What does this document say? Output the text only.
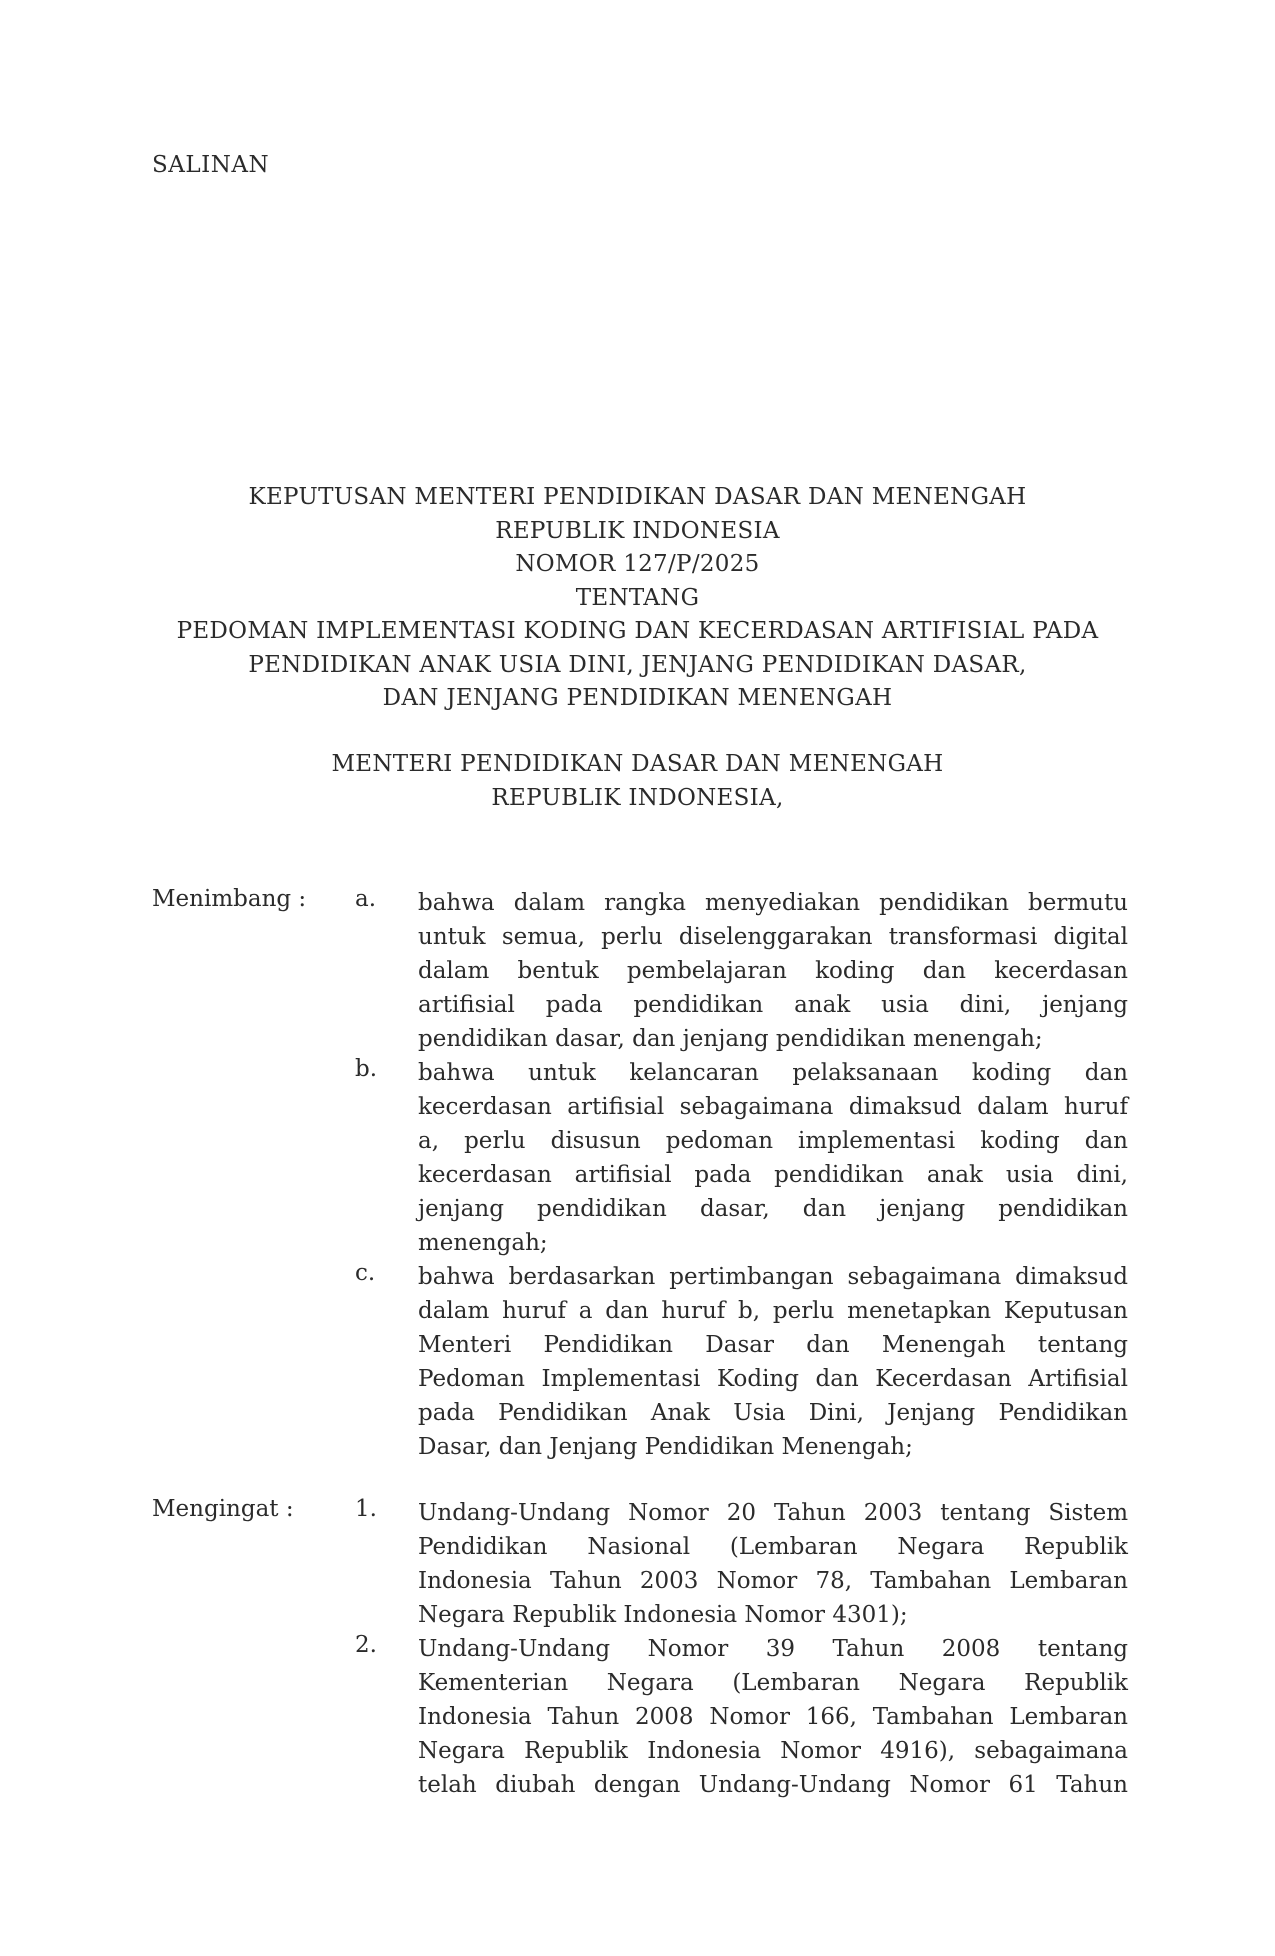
SALINAN
KEPUTUSAN MENTERI PENDIDIKAN DASAR DAN MENENGAH
REPUBLIK INDONESIA
NOMOR 127/P/2025
TENTANG
PEDOMAN IMPLEMENTASI KODING DAN KECERDASAN ARTIFISIAL PADA
PENDIDIKAN ANAK USIA DINI, JENJANG PENDIDIKAN DASAR,
DAN JENJANG PENDIDIKAN MENENGAH
MENTERI PENDIDIKAN DASAR DAN MENENGAH
REPUBLIK INDONESIA,
Menimbang : a. bahwa dalam rangka menyediakan pendidikan bermutu
untuk semua, perlu diselenggarakan transformasi digital
dalam bentuk pembelajaran koding dan kecerdasan
artifisial pada pendidikan anak usia dini, jenjang
pendidikan dasar, dan jenjang pendidikan menengah;
b. bahwa untuk kelancaran pelaksanaan koding dan
kecerdasan artifisial sebagaimana dimaksud dalam huruf
a, perlu disusun pedoman implementasi koding dan
kecerdasan artifisial pada pendidikan anak usia dini,
jenjang pendidikan dasar, dan jenjang pendidikan
menengah;
c. bahwa berdasarkan pertimbangan sebagaimana dimaksud
dalam huruf a dan huruf b, perlu menetapkan Keputusan
Menteri Pendidikan Dasar dan Menengah tentang
Pedoman Implementasi Koding dan Kecerdasan Artifisial
pada Pendidikan Anak Usia Dini, Jenjang Pendidikan
Dasar, dan Jenjang Pendidikan Menengah;
Mengingat :	1. Undang-Undang Nomor 20 Tahun 2003 tentang Sistem
Pendidikan Nasional (Lembaran Negara Republik
Indonesia Tahun 2003 Nomor 78, Tambahan Lembaran
Negara Republik Indonesia Nomor 4301);
2. Undang-Undang Nomor 39 Tahun 2008 tentang
Kementerian Negara (Lembaran Negara Republik
Indonesia Tahun 2008 Nomor 166, Tambahan Lembaran
Negara Republik Indonesia Nomor 4916), sebagaimana
telah diubah dengan Undang-Undang Nomor 61 Tahun
